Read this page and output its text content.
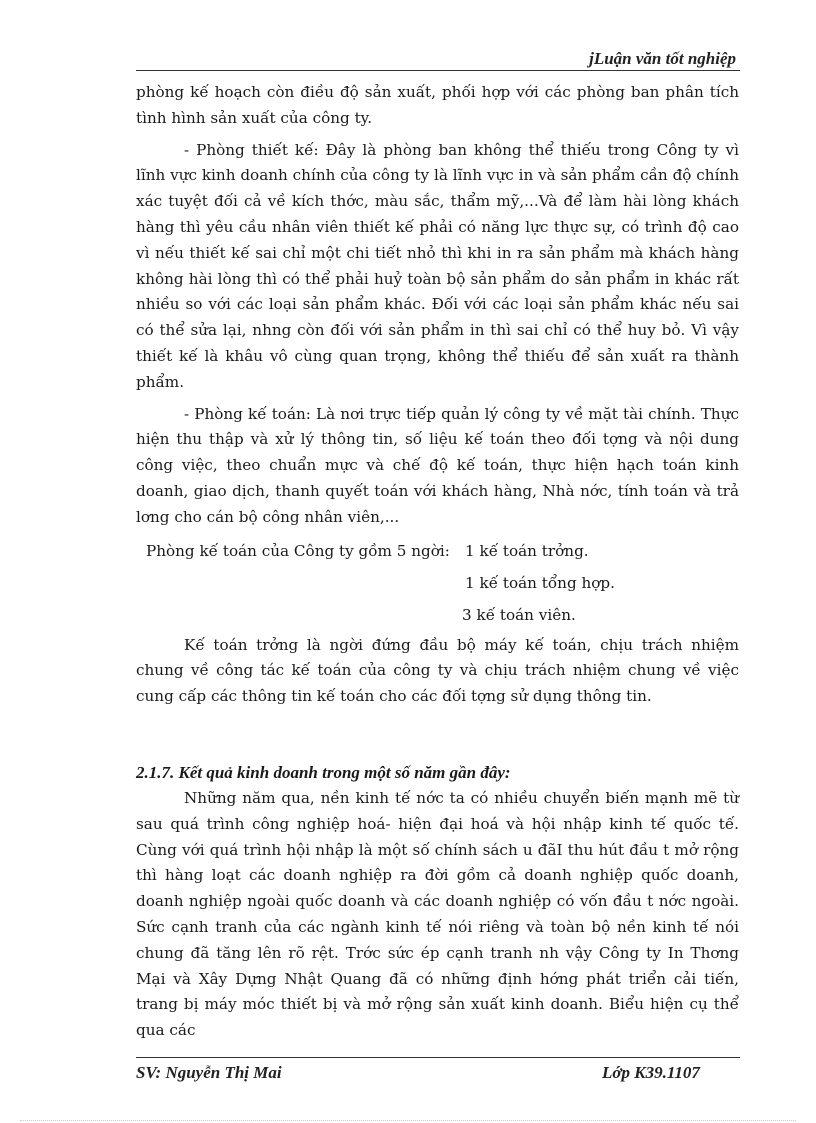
jLuận văn tốt nghiệp

phòng kế hoạch còn điều độ sản xuất, phối hợp với các phòng ban phân tích tình hình sản xuất của công ty.

- Phòng thiết kế: Đây là phòng ban không thể thiếu trong Công ty vì lĩnh vực kinh doanh chính của công ty là lĩnh vực in và sản phẩm cần độ chính xác tuyệt đối cả về kích thớc, màu sắc, thẩm mỹ,...Và để làm hài lòng khách hàng thì yêu cầu nhân viên thiết kế phải có năng lực thực sự, có trình độ cao vì nếu thiết kế sai chỉ một chi tiết nhỏ thì khi in ra sản phẩm mà khách hàng không hài lòng thì có thể phải huỷ toàn bộ sản phẩm do sản phẩm in khác rất nhiều so với các loại sản phẩm khác. Đối với các loại sản phẩm khác nếu sai có thể sửa lại, nhng còn đối với sản phẩm in thì sai chỉ có thể huy bỏ. Vì vậy thiết kế là khâu vô cùng quan trọng, không thể thiếu để sản xuất ra thành phẩm.

- Phòng kế toán: Là nơi trực tiếp quản lý công ty về mặt tài chính. Thực hiện thu thập và xử lý thông tin, số liệu kế toán theo đối tợng và nội dung công việc, theo chuẩn mực và chế độ kế toán, thực hiện hạch toán kinh doanh, giao dịch, thanh quyết toán với khách hàng, Nhà nớc, tính toán và trả lơng cho cán bộ công nhân viên,...

Phòng kế toán của Công ty gồm 5 ngời: 1 kế toán trởng.
1 kế toán tổng hợp.
3 kế toán viên.

Kế toán trởng là ngời đứng đầu bộ máy kế toán, chịu trách nhiệm chung về công tác kế toán của công ty và chịu trách nhiệm chung về việc cung cấp các thông tin kế toán cho các đối tợng sử dụng thông tin.

2.1.7. Kết quả kinh doanh trong một số năm gần đây:

Những năm qua, nền kinh tế nớc ta có nhiều chuyển biến mạnh mẽ từ sau quá trình công nghiệp hoá- hiện đại hoá và hội nhập kinh tế quốc tế. Cùng với quá trình hội nhập là một số chính sách u đãI thu hút đầu t mở rộng thì hàng loạt các doanh nghiệp ra đời gồm cả doanh nghiệp quốc doanh, doanh nghiệp ngoài quốc doanh và các doanh nghiệp có vốn đầu t nớc ngoài. Sức cạnh tranh của các ngành kinh tế nói riêng và toàn bộ nền kinh tế nói chung đã tăng lên rõ rệt. Trớc sức ép cạnh tranh nh vậy Công ty In Thơng Mại và Xây Dựng Nhật Quang đã có những định hớng phát triển cải tiến, trang bị máy móc thiết bị và mở rộng sản xuất kinh doanh. Biểu hiện cụ thể qua các

SV: Nguyễn Thị Mai	Lớp K39.1107
